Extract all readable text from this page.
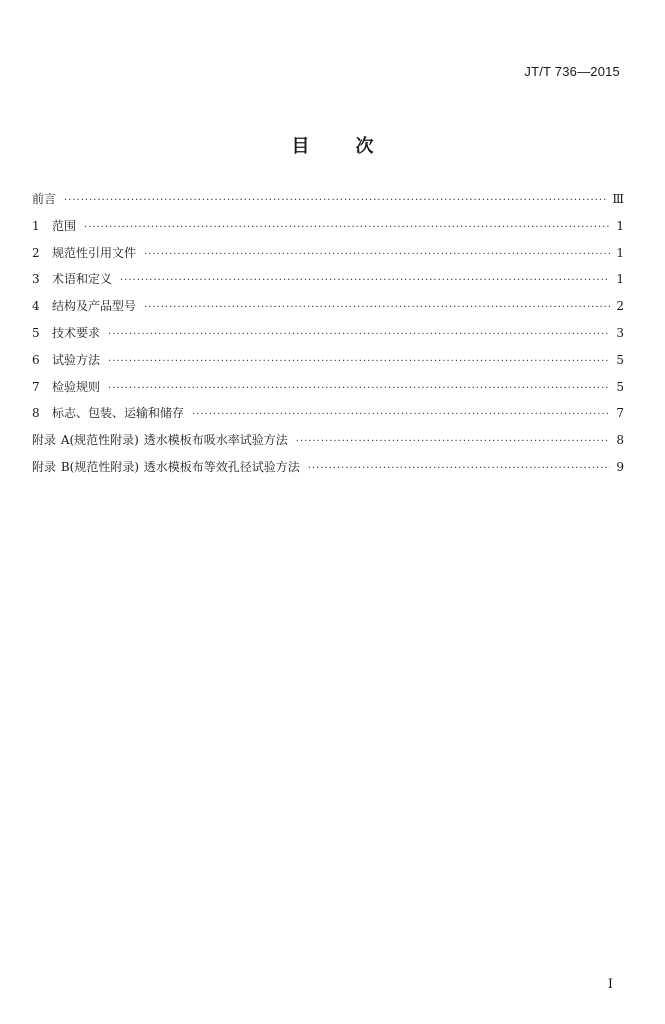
JT/T 736—2015
目	次
前言 ·····	Ⅲ
1	范围 ·····	1
2	规范性引用文件 ·····	1
3	术语和定义 ·····	1
4	结构及产品型号 ·····	2
5	技术要求 ·····	3
6	试验方法 ·····	5
7	检验规则 ·····	5
8	标志、包装、运输和储存 ·····	7
附录 A(规范性附录) 透水模板布吸水率试验方法 ·····	8
附录 B(规范性附录) 透水模板布等效孔径试验方法 ·····	9
I
